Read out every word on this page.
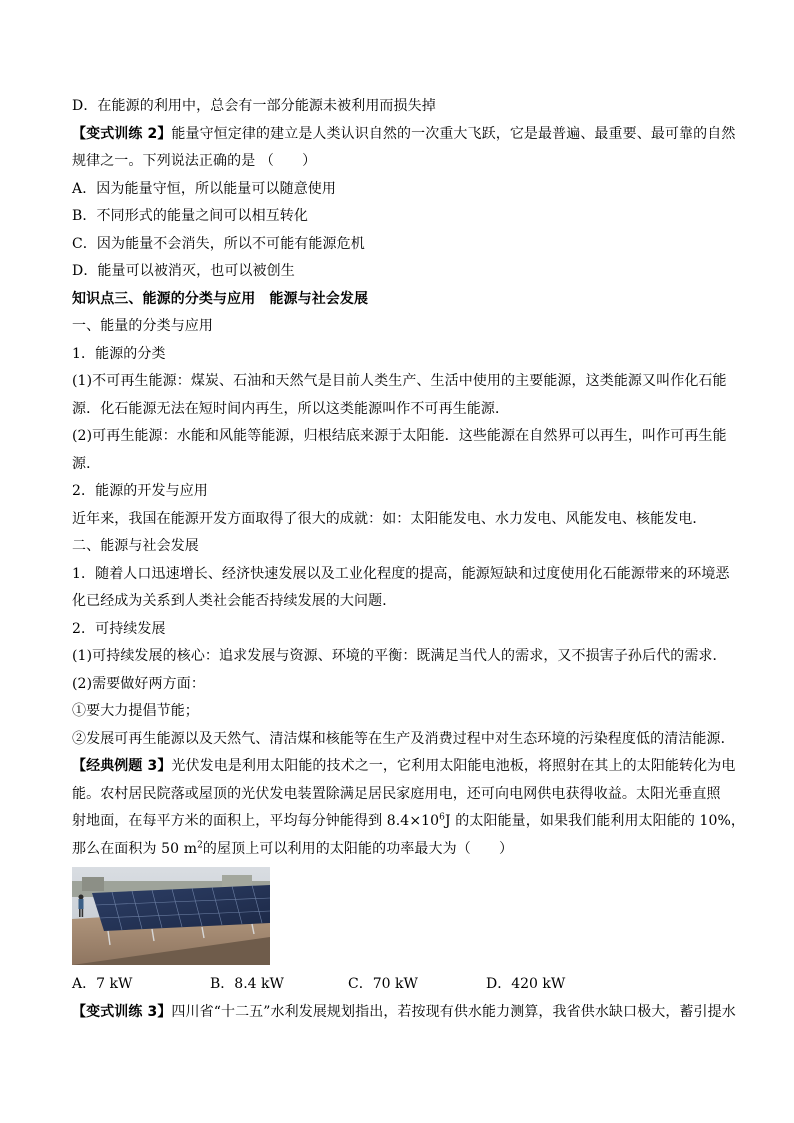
D．在能源的利用中，总会有一部分能源未被利用而损失掉
【变式训练 2】能量守恒定律的建立是人类认识自然的一次重大飞跃，它是最普遍、最重要、最可靠的自然
规律之一。下列说法正确的是 （　　）
A．因为能量守恒，所以能量可以随意使用
B．不同形式的能量之间可以相互转化
C．因为能量不会消失，所以不可能有能源危机
D．能量可以被消灭，也可以被创生
知识点三、能源的分类与应用　能源与社会发展
一、能量的分类与应用
1．能源的分类
(1)不可再生能源：煤炭、石油和天然气是目前人类生产、生活中使用的主要能源，这类能源又叫作化石能
源．化石能源无法在短时间内再生，所以这类能源叫作不可再生能源．
(2)可再生能源：水能和风能等能源，归根结底来源于太阳能．这些能源在自然界可以再生，叫作可再生能
源．
2．能源的开发与应用
近年来，我国在能源开发方面取得了很大的成就：如：太阳能发电、水力发电、风能发电、核能发电．
二、能源与社会发展
1．随着人口迅速增长、经济快速发展以及工业化程度的提高，能源短缺和过度使用化石能源带来的环境恶
化已经成为关系到人类社会能否持续发展的大问题．
2．可持续发展
(1)可持续发展的核心：追求发展与资源、环境的平衡：既满足当代人的需求，又不损害子孙后代的需求．
(2)需要做好两方面：
①要大力提倡节能；
②发展可再生能源以及天然气、清洁煤和核能等在生产及消费过程中对生态环境的污染程度低的清洁能源．
【经典例题 3】光伏发电是利用太阳能的技术之一，它利用太阳能电池板，将照射在其上的太阳能转化为电
能。农村居民院落或屋顶的光伏发电装置除满足居民家庭用电，还可向电网供电获得收益。太阳光垂直照
射地面，在每平方米的面积上，平均每分钟能得到 $8.4\times 10^6J$ 的太阳能量，如果我们能利用太阳能的 10%，
那么在面积为 50 $m^2$的屋顶上可以利用的太阳能的功率最大为（　　）
A．7 kW	B．8.4 kW	C．70 kW	D．420 kW
【变式训练 3】四川省“十二五”水利发展规划指出，若按现有供水能力测算，我省供水缺口极大，蓄引提水
